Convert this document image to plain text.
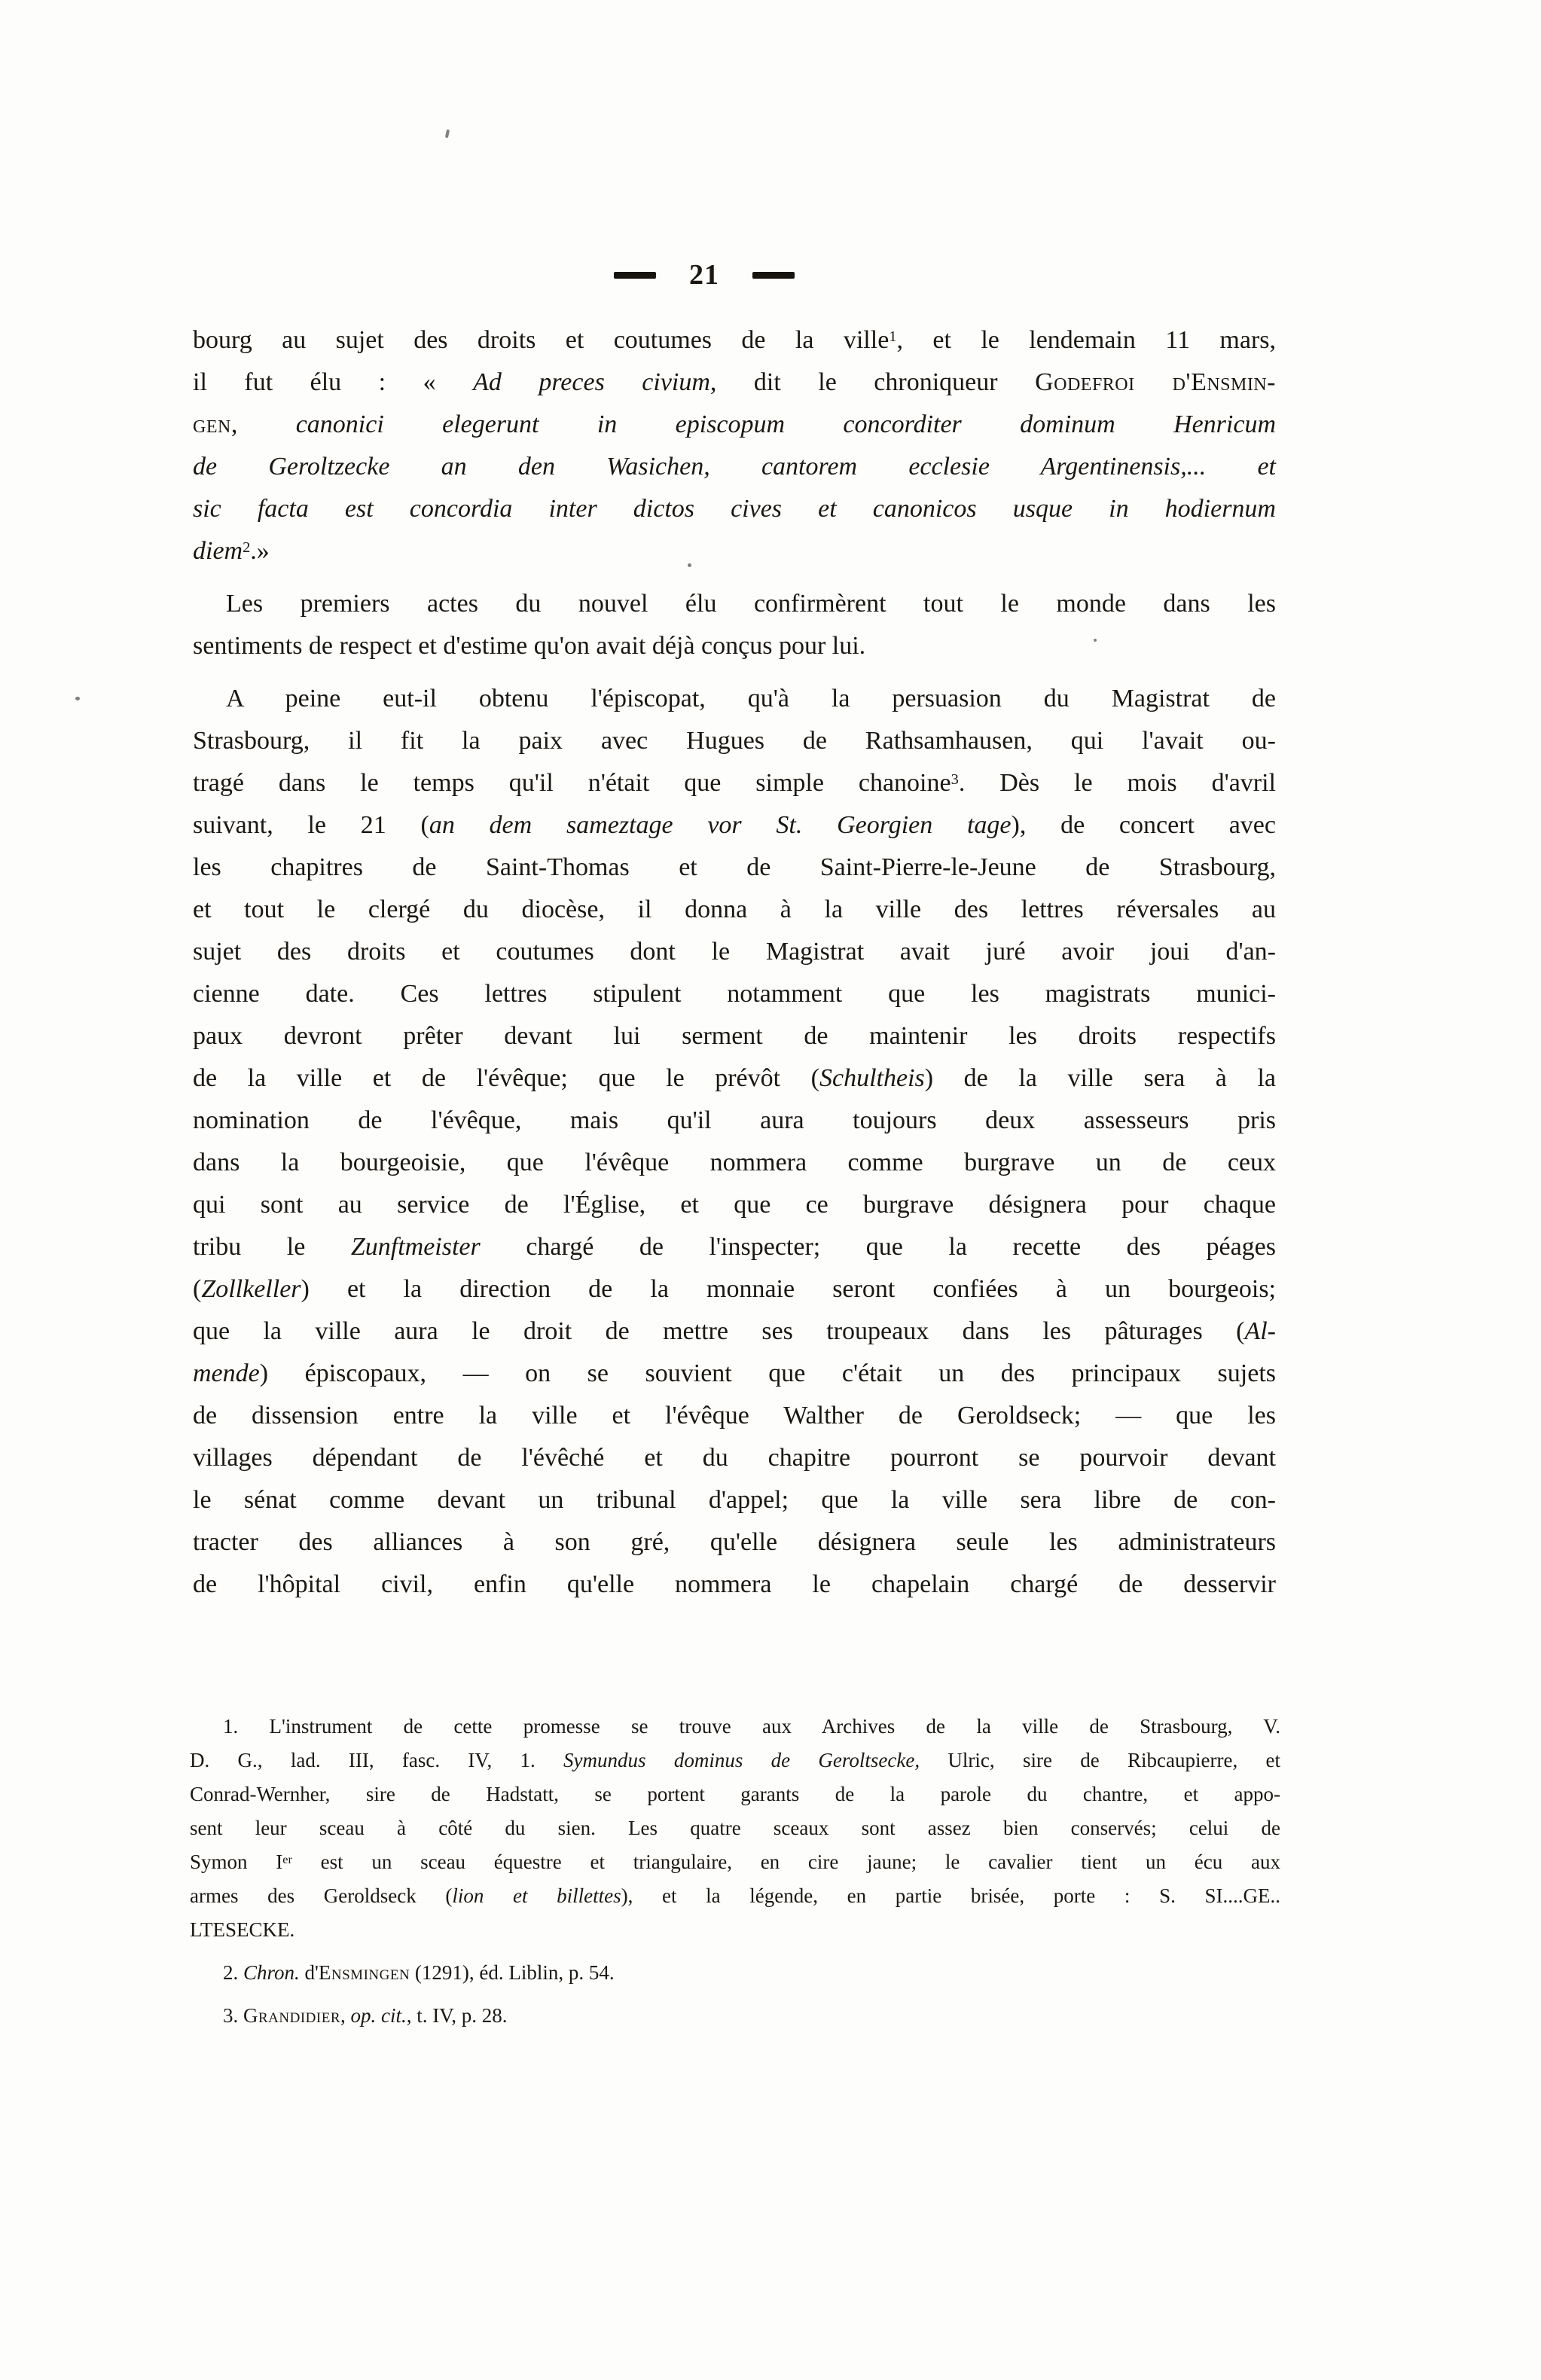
21
bourg au sujet des droits et coutumes de la ville$^1$, et le lendemain 11 mars,
il fut élu : « Ad preces civium, dit le chroniqueur Godefroi d'Ensmin-
gen, canonici elegerunt in episcopum concorditer dominum Henricum
de Geroltzecke an den Wasichen, cantorem ecclesie Argentinensis,... et
sic facta est concordia inter dictos cives et canonicos usque in hodiernum
diem$^2$.»
Les premiers actes du nouvel élu confirmèrent tout le monde dans les
sentiments de respect et d'estime qu'on avait déjà conçus pour lui.
A peine eut-il obtenu l'épiscopat, qu'à la persuasion du Magistrat de
Strasbourg, il fit la paix avec Hugues de Rathsamhausen, qui l'avait ou-
tragé dans le temps qu'il n'était que simple chanoine$^3$. Dès le mois d'avril
suivant, le 21 (an dem sameztage vor St. Georgien tage), de concert avec
les chapitres de Saint-Thomas et de Saint-Pierre-le-Jeune de Strasbourg,
et tout le clergé du diocèse, il donna à la ville des lettres réversales au
sujet des droits et coutumes dont le Magistrat avait juré avoir joui d'an-
cienne date. Ces lettres stipulent notamment que les magistrats munici-
paux devront prêter devant lui serment de maintenir les droits respectifs
de la ville et de l'évêque; que le prévôt (Schultheis) de la ville sera à la
nomination de l'évêque, mais qu'il aura toujours deux assesseurs pris
dans la bourgeoisie, que l'évêque nommera comme burgrave un de ceux
qui sont au service de l'Église, et que ce burgrave désignera pour chaque
tribu le Zunftmeister chargé de l'inspecter; que la recette des péages
(Zollkeller) et la direction de la monnaie seront confiées à un bourgeois;
que la ville aura le droit de mettre ses troupeaux dans les pâturages (Al-
mende) épiscopaux, — on se souvient que c'était un des principaux sujets
de dissension entre la ville et l'évêque Walther de Geroldseck; — que les
villages dépendant de l'évêché et du chapitre pourront se pourvoir devant
le sénat comme devant un tribunal d'appel; que la ville sera libre de con-
tracter des alliances à son gré, qu'elle désignera seule les administrateurs
de l'hôpital civil, enfin qu'elle nommera le chapelain chargé de desservir
1. L'instrument de cette promesse se trouve aux Archives de la ville de Strasbourg, V.
D. G., lad. III, fasc. IV, 1. Symundus dominus de Geroltsecke, Ulric, sire de Ribcaupierre, et
Conrad-Wernher, sire de Hadstatt, se portent garants de la parole du chantre, et appo-
sent leur sceau à côté du sien. Les quatre sceaux sont assez bien conservés; celui de
Symon Ier est un sceau équestre et triangulaire, en cire jaune; le cavalier tient un écu aux
armes des Geroldseck (lion et billettes), et la légende, en partie brisée, porte : S. SI....GE..
LTESECKE.
2. Chron. d'Ensmingen (1291), éd. Liblin, p. 54.
3. Grandidier, op. cit., t. IV, p. 28.
